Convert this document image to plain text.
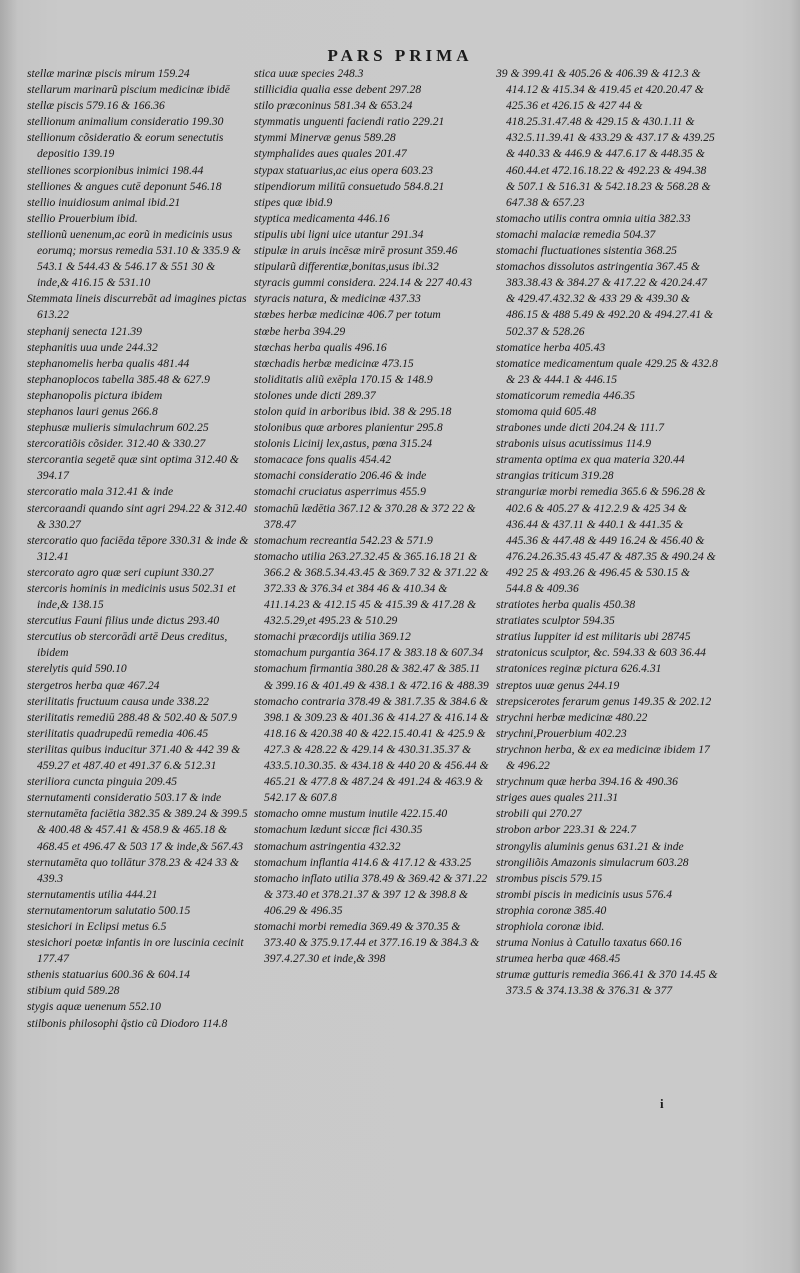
PARS PRIMA
stellæ marinæ piscis mirum 159.24
stellarum marinarũ piscium medicinæ ibidē
stellæ piscis 579.16 & 166.36
stellionum animalium consideratio 199.30
stellionum cõsideratio & eorum senectutis depositio 139.19
stelliones scorpionibus inimici 198.44
stelliones & angues cutē deponunt 546.18
stellio inuidiosum animal ibid.21
stellio Prouerbium ibid.
stellionũ uenenum,ac eorũ in medicinis usus eorumq; morsus remedia 531.10 & 335.9 & 543.1 & 544.43 & 546.17 & 551 30 & inde,& 416.15 & 531.10
Stemmata lineis discurrebāt ad imagines pictas 613.22
stephanij senecta 121.39
stephanitis uua unde 244.32
stephanomelis herba qualis 481.44
stephanoplocos tabella 385.48 & 627.9
stephanopolis pictura ibidem
stephanos lauri genus 266.8
stephusæ mulieris simulachrum 602.25
stercoratiõis cõsider. 312.40 & 330.27
stercorantia segetē quæ sint optima 312.40 & 394.17
stercoratio mala 312.41 & inde
stercoraandi quando sint agri 294.22 & 312.40 & 330.27
stercoratio quo faciēda tēpore 330.31 & inde & 312.41
stercorato agro quæ seri cupiunt 330.27
stercoris hominis in medicinis usus 502.31 et inde,& 138.15
stercutius Fauni filius unde dictus 293.40
stercutius ob stercorādi artē Deus creditus, ibidem
sterelytis quid 590.10
stergetros herba quæ 467.24
sterilitatis fructuum causa unde 338.22
sterilitatis remediū 288.48 & 502.40 & 507.9
sterilitatis quadrupedū remedia 406.45
sterilitas quibus inducitur 371.40 & 442 39 & 459.27 et 487.40 et 491.37 6.& 512.31
steriliora cuncta pinguia 209.45
sternutamenti consideratio 503.17 & inde
sternutamēta faciētia 382.35 & 389.24 & 399.5 & 400.48 & 457.41 & 458.9 & 465.18 & 468.45 et 496.47 & 503 17 & inde,& 567.43
sternutamēta quo tollātur 378.23 & 424 33 & 439.3
sternutamentis utilia 444.21
sternutamentorum salutatio 500.15
stesichori in Eclipsi metus 6.5
stesichori poetæ infantis in ore luscinia cecinit 177.47
sthenis statuarius 600.36 & 604.14
stibium quid 589.28
stygis aquæ uenenum 552.10
stilbonis philosophi q̃stio cũ Diodoro 114.8
stica uuæ species 248.3
stillicidia qualia esse debent 297.28
stilo præconinus 581.34 & 653.24
stymmatis unguenti faciendi ratio 229.21
stymmi Minervæ genus 589.28
stymphalides aues quales 201.47
stypax statuarius,ac eius opera 603.23
stipendiorum militū consuetudo 584.8.21
stipes quæ ibid.9
styptica medicamenta 446.16
stipulis ubi ligni uice utantur 291.34
stipulæ in aruis incēsæ mirē prosunt 359.46
stipularũ differentiæ,bonitas,usus ibi.32
styracis gummi considera. 224.14 & 227 40.43
styracis natura, & medicinæ 437.33
stœbes herbæ medicinæ 406.7 per totum
stœbe herba 394.29
stœchas herba qualis 496.16
stœchadis herbæ medicinæ 473.15
stoliditatis aliũ exēpla 170.15 & 148.9
stolones unde dicti 289.37
stolon quid in arboribus ibid. 38 & 295.18
stolonibus quæ arbores planientur 295.8
stolonis Licinij lex,astus, pœna 315.24
stomacace fons qualis 454.42
stomachi consideratio 206.46 & inde
stomachi cruciatus asperrimus 455.9
stomachū lædētia 367.12 & 370.28 & 372 22 & 378.47
stomachum recreantia 542.23 & 571.9
stomacho utilia 263.27.32.45 & 365.16.18 21 & 366.2 & 368.5.34.43.45 & 369.7 32 & 371.22 & 372.33 & 376.34 et 384 46 & 410.34 & 411.14.23 & 412.15 45 & 415.39 & 417.28 & 432.5.29,et 495.23 & 510.29
stomachi præcordijs utilia 369.12
stomachum purgantia 364.17 & 383.18 & 607.34
stomachum firmantia 380.28 & 382.47 & 385.11 & 399.16 & 401.49 & 438.1 & 472.16 & 488.39
stomacho contraria 378.49 & 381.7.35 & 384.6 & 398.1 & 309.23 & 401.36 & 414.27 & 416.14 & 418.16 & 420.38 40 & 422.15.40.41 & 425.9 & 427.3 & 428.22 & 429.14 & 430.31.35.37 & 433.5.10.30.35. & 434.18 & 440 20 & 456.44 & 465.21 & 477.8 & 487.24 & 491.24 & 463.9 & 542.17 & 607.8
stomacho omne mustum inutile 422.15.40
stomachum lædunt siccæ fici 430.35
stomachum astringentia 432.32
stomachum inflantia 414.6 & 417.12 & 433.25
stomacho inflato utilia 378.49 & 369.42 & 371.22 & 373.40 et 378.21.37 & 397 12 & 398.8 & 406.29 & 496.35
stomachi morbi remedia 369.49 & 370.35 & 373.40 & 375.9.17.44 et 377.16.19 & 384.3 & 397.4.27.30 et inde,& 398
39 & 399.41 & 405.26 & 406.39 & 412.3 & 414.12 & 415.34 & 419.45 et 420.20.47 & 425.36 et 426.15 & 427 44 & 418.25.31.47.48 & 429.15 & 430.1.11 & 432.5.11.39.41 & 433.29 & 437.17 & 439.25 & 440.33 & 446.9 & 447.6.17 & 448.35 & 460.44.et 472.16.18.22 & 492.23 & 494.38 & 507.1 & 516.31 & 542.18.23 & 568.28 & 647.38 & 657.23
stomacho utilis contra omnia uitia 382.33
stomachi malaciæ remedia 504.37
stomachi fluctuationes sistentia 368.25
stomachos dissolutos astringentia 367.45 & 383.38.43 & 384.27 & 417.22 & 420.24.47 & 429.47.432.32 & 433 29 & 439.30 & 486.15 & 488 5.49 & 492.20 & 494.27.41 & 502.37 & 528.26
stomatice herba 405.43
stomatice medicamentum quale 429.25 & 432.8 & 23 & 444.1 & 446.15
stomaticorum remedia 446.35
stomoma quid 605.48
strabones unde dicti 204.24 & 111.7
strabonis uisus acutissimus 114.9
stramenta optima ex qua materia 320.44
strangias triticum 319.28
stranguriæ morbi remedia 365.6 & 596.28 & 402.6 & 405.27 & 412.2.9 & 425 34 & 436.44 & 437.11 & 440.1 & 441.35 & 445.36 & 447.48 & 449 16.24 & 456.40 & 476.24.26.35.43 45.47 & 487.35 & 490.24 & 492 25 & 493.26 & 496.45 & 530.15 & 544.8 & 409.36
stratiotes herba qualis 450.38
stratiates sculptor 594.35
stratius Iuppiter id est militaris ubi 28745
stratonicus sculptor, &c. 594.33 & 603 36.44
stratonices reginæ pictura 626.4.31
streptos uuæ genus 244.19
strepsicerotes ferarum genus 149.35 & 202.12
strychni herbæ medicinæ 480.22
strychni,Prouerbium 402.23
strychnon herba, & ex ea medicinæ ibidem 17 & 496.22
strychnum quæ herba 394.16 & 490.36
striges aues quales 211.31
strobili qui 270.27
strobon arbor 223.31 & 224.7
strongylis aluminis genus 631.21 & inde
strongiliõis Amazonis simulacrum 603.28
strombus piscis 579.15
strombi piscis in medicinis usus 576.4
strophia coronæ 385.40
strophiola coronæ ibid.
struma Nonius à Catullo taxatus 660.16
strumea herba quæ 468.45
strumæ gutturis remedia 366.41 & 370 14.45 & 373.5 & 374.13.38 & 376.31 & 377
i
